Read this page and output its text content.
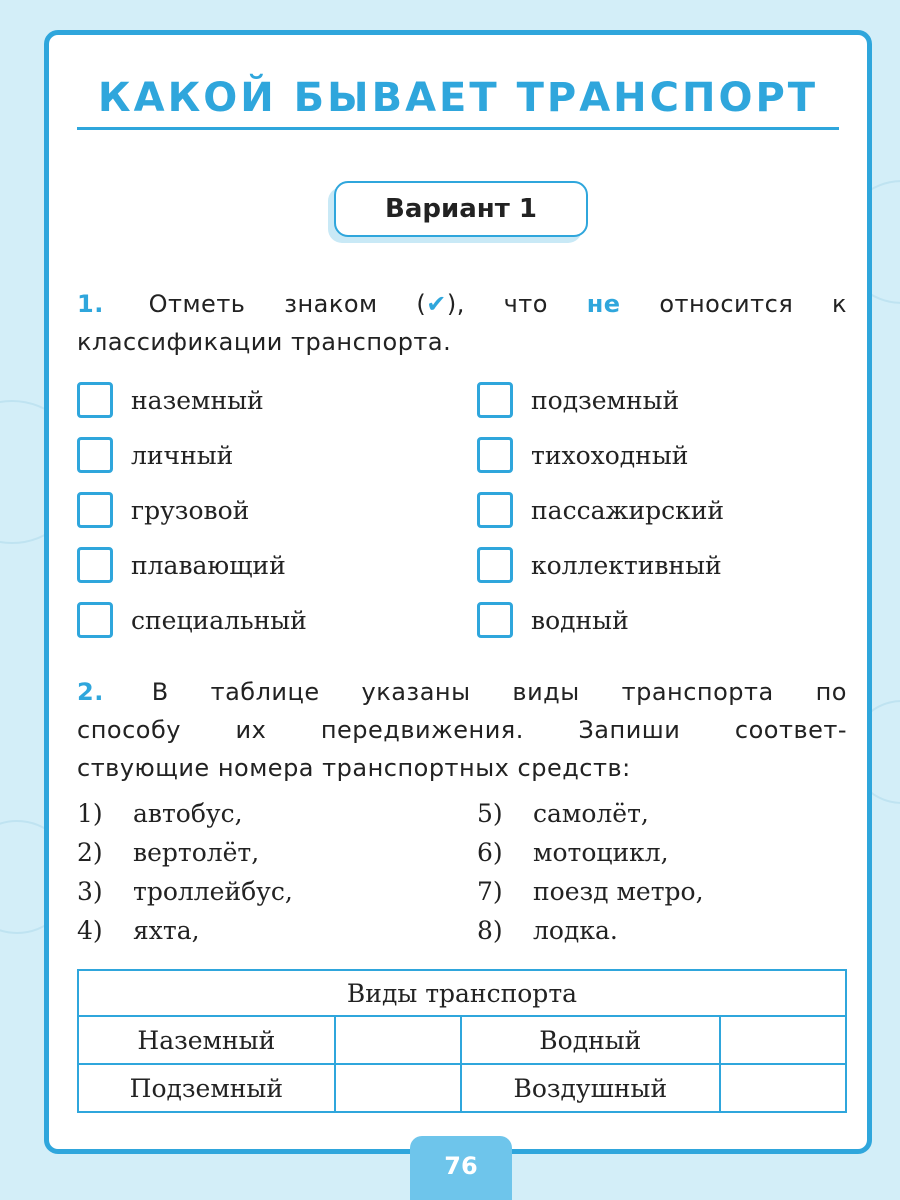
КАКОЙ БЫВАЕТ ТРАНСПОРТ
Вариант 1
1. Отметь знаком (✔), что не относится к
классификации транспорта.
наземный
личный
грузовой
плавающий
специальный
подземный
тихоходный
пассажирский
коллективный
водный
2. В таблице указаны виды транспорта по
способу их передвижения. Запиши соответ-
ствующие номера транспортных средств:
1) автобус,
2) вертолёт,
3) троллейбус,
4) яхта,
5) самолёт,
6) мотоцикл,
7) поезд метро,
8) лодка.
Виды транспорта			
Наземный		Водный	
Подземный		Воздушный	
76
